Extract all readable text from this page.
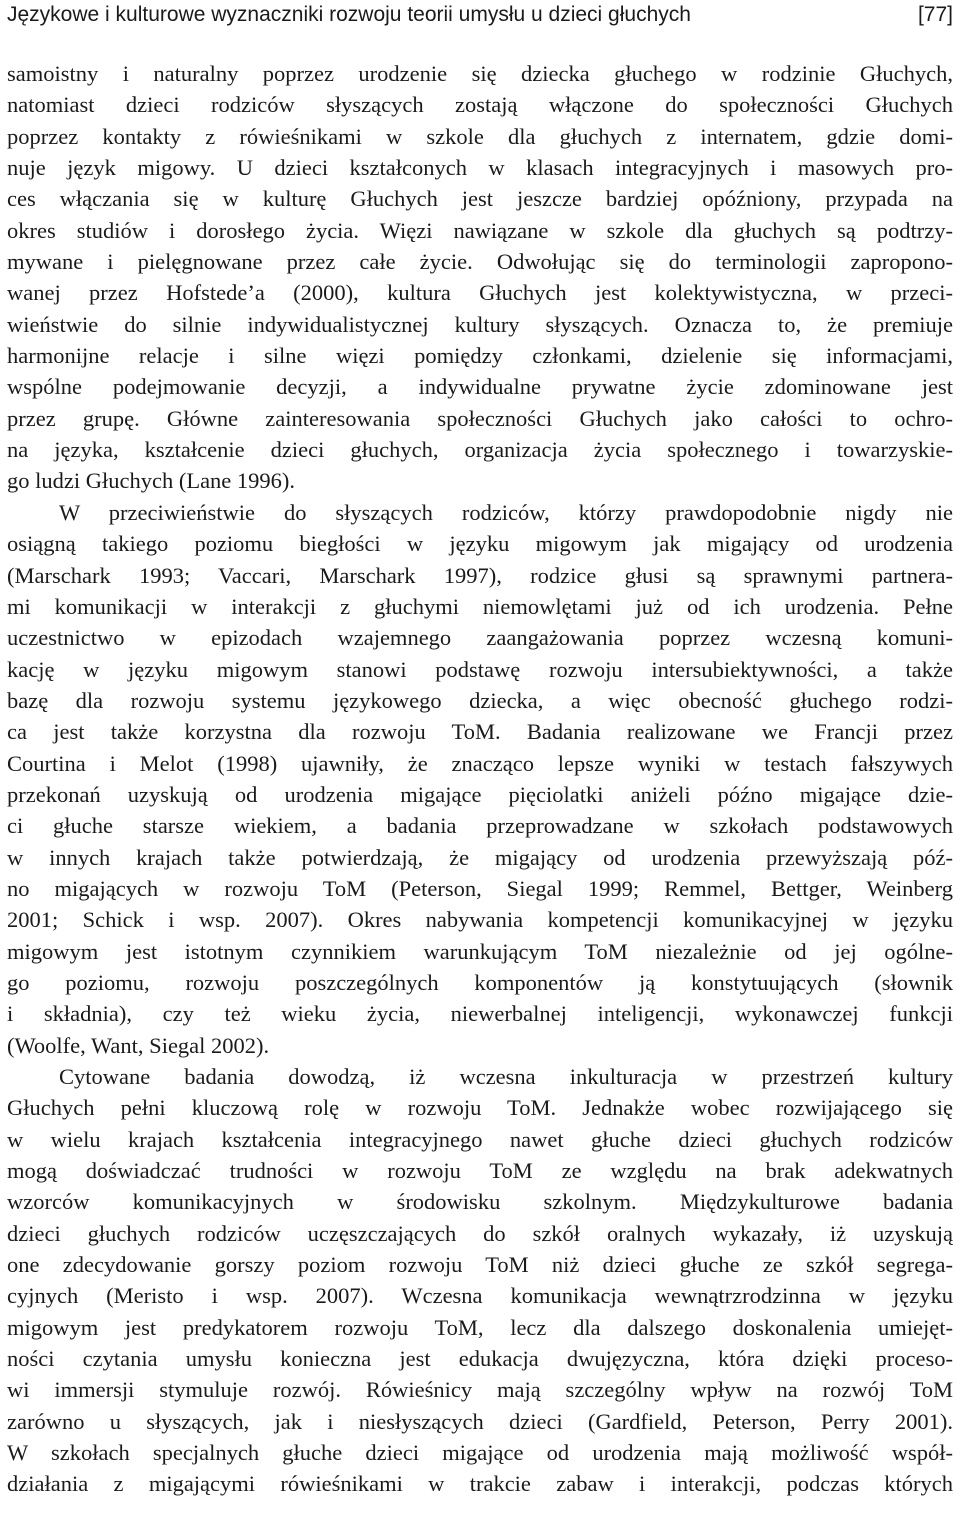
Językowe i kulturowe wyznaczniki rozwoju teorii umysłu u dzieci głuchych	[77]
samoistny i naturalny poprzez urodzenie się dziecka głuchego w rodzinie Głuchych,
natomiast dzieci rodziców słyszących zostają włączone do społeczności Głuchych
poprzez kontakty z rówieśnikami w szkole dla głuchych z internatem, gdzie domi-
nuje język migowy. U dzieci kształconych w klasach integracyjnych i masowych pro-
ces włączania się w kulturę Głuchych jest jeszcze bardziej opóźniony, przypada na
okres studiów i dorosłego życia. Więzi nawiązane w szkole dla głuchych są podtrzy-
mywane i pielęgnowane przez całe życie. Odwołując się do terminologii zapropono-
wanej przez Hofstede’a (2000), kultura Głuchych jest kolektywistyczna, w przeci-
wieństwie do silnie indywidualistycznej kultury słyszących. Oznacza to, że premiuje
harmonijne relacje i silne więzi pomiędzy członkami, dzielenie się informacjami,
wspólne podejmowanie decyzji, a indywidualne prywatne życie zdominowane jest
przez grupę. Główne zainteresowania społeczności Głuchych jako całości to ochro-
na języka, kształcenie dzieci głuchych, organizacja życia społecznego i towarzyskie-
go ludzi Głuchych (Lane 1996).
W przeciwieństwie do słyszących rodziców, którzy prawdopodobnie nigdy nie
osiągną takiego poziomu biegłości w języku migowym jak migający od urodzenia
(Marschark 1993; Vaccari, Marschark 1997), rodzice głusi są sprawnymi partnera-
mi komunikacji w interakcji z głuchymi niemowlętami już od ich urodzenia. Pełne
uczestnictwo w epizodach wzajemnego zaangażowania poprzez wczesną komuni-
kację w języku migowym stanowi podstawę rozwoju intersubiektywności, a także
bazę dla rozwoju systemu językowego dziecka, a więc obecność głuchego rodzi-
ca jest także korzystna dla rozwoju ToM. Badania realizowane we Francji przez
Courtina i Melot (1998) ujawniły, że znacząco lepsze wyniki w testach fałszywych
przekonań uzyskują od urodzenia migające pięciolatki aniżeli późno migające dzie-
ci głuche starsze wiekiem, a badania przeprowadzane w szkołach podstawowych
w innych krajach także potwierdzają, że migający od urodzenia przewyższają póź-
no migających w rozwoju ToM (Peterson, Siegal 1999; Remmel, Bettger, Weinberg
2001; Schick i wsp. 2007). Okres nabywania kompetencji komunikacyjnej w języku
migowym jest istotnym czynnikiem warunkującym ToM niezależnie od jej ogólne-
go poziomu, rozwoju poszczególnych komponentów ją konstytuujących (słownik
i składnia), czy też wieku życia, niewerbalnej inteligencji, wykonawczej funkcji
(Woolfe, Want, Siegal 2002).
Cytowane badania dowodzą, iż wczesna inkulturacja w przestrzeń kultury
Głuchych pełni kluczową rolę w rozwoju ToM. Jednakże wobec rozwijającego się
w wielu krajach kształcenia integracyjnego nawet głuche dzieci głuchych rodziców
mogą doświadczać trudności w rozwoju ToM ze względu na brak adekwatnych
wzorców komunikacyjnych w środowisku szkolnym. Międzykulturowe badania
dzieci głuchych rodziców uczęszczających do szkół oralnych wykazały, iż uzyskują
one zdecydowanie gorszy poziom rozwoju ToM niż dzieci głuche ze szkół segrega-
cyjnych (Meristo i wsp. 2007). Wczesna komunikacja wewnątrzrodzinna w języku
migowym jest predykatorem rozwoju ToM, lecz dla dalszego doskonalenia umiejęt-
ności czytania umysłu konieczna jest edukacja dwujęzyczna, która dzięki proceso-
wi immersji stymuluje rozwój. Rówieśnicy mają szczególny wpływ na rozwój ToM
zarówno u słyszących, jak i niesłyszących dzieci (Gardfield, Peterson, Perry 2001).
W szkołach specjalnych głuche dzieci migające od urodzenia mają możliwość współ-
działania z migającymi rówieśnikami w trakcie zabaw i interakcji, podczas których
